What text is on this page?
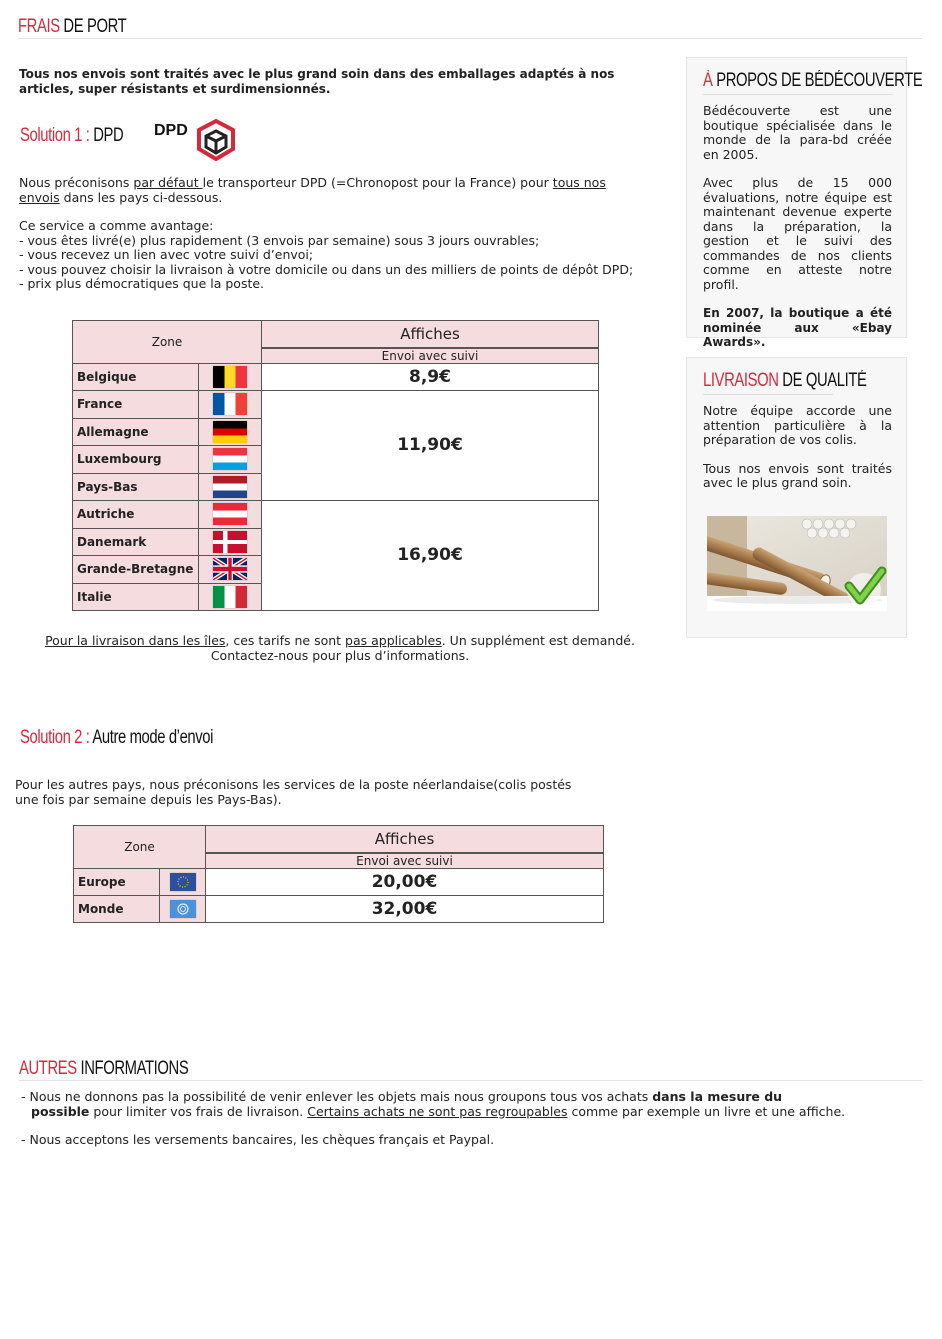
FRAIS DE PORT
Tous nos envois sont traités avec le plus grand soin dans des emballages adaptés à nos articles, super résistants et surdimensionnés.
Solution 1 : DPD DPD
Nous préconisons par défaut le transporteur DPD (=Chronopost pour la France) pour tous nos envois dans les pays ci-dessous.
Ce service a comme avantage:
- vous êtes livré(e) plus rapidement (3 envois par semaine) sous 3 jours ouvrables;
- vous recevez un lien avec votre suivi d’envoi;
- vous pouvez choisir la livraison à votre domicile ou dans un des milliers de points de dépôt DPD;
- prix plus démocratiques que la poste.
Zone		Affiches
		Envoi avec suivi
Belgique		8,9€
France		11,90€
Allemagne		
Luxembourg		
Pays-Bas		
Autriche		16,90€
Danemark		
Grande-Bretagne	
Italie		
Pour la livraison dans les îles, ces tarifs ne sont pas applicables. Un supplément est demandé.
Contactez-nous pour plus d’informations.
Solution 2 : Autre mode d’envoi
Pour les autres pays, nous préconisons les services de la poste néerlandaise(colis postés une fois par semaine depuis les Pays-Bas).
Zone		Affiches
		Envoi avec suivi
Europe		20,00€
Monde		32,00€
AUTRES INFORMATIONS
- Nous ne donnons pas la possibilité de venir enlever les objets mais nous groupons tous vos achats dans la mesure du
possible pour limiter vos frais de livraison. Certains achats ne sont pas regroupables comme par exemple un livre et une affiche.
- Nous acceptons les versements bancaires, les chèques français et Paypal.
À PROPOS DE BÉDÉCOUVERTE

Bédécouverte est une boutique spécialisée dans le monde de la para-bd créée en 2005.

Avec plus de 15 000 évaluations, notre équipe est maintenant devenue experte dans la préparation, la gestion et le suivi des commandes de nos clients comme en atteste notre profil.

En 2007, la boutique a été nominée aux «Ebay Awards».

LIVRAISON DE QUALITÉ

Notre équipe accorde une attention particulière à la préparation de vos colis.

Tous nos envois sont traités avec le plus grand soin.
